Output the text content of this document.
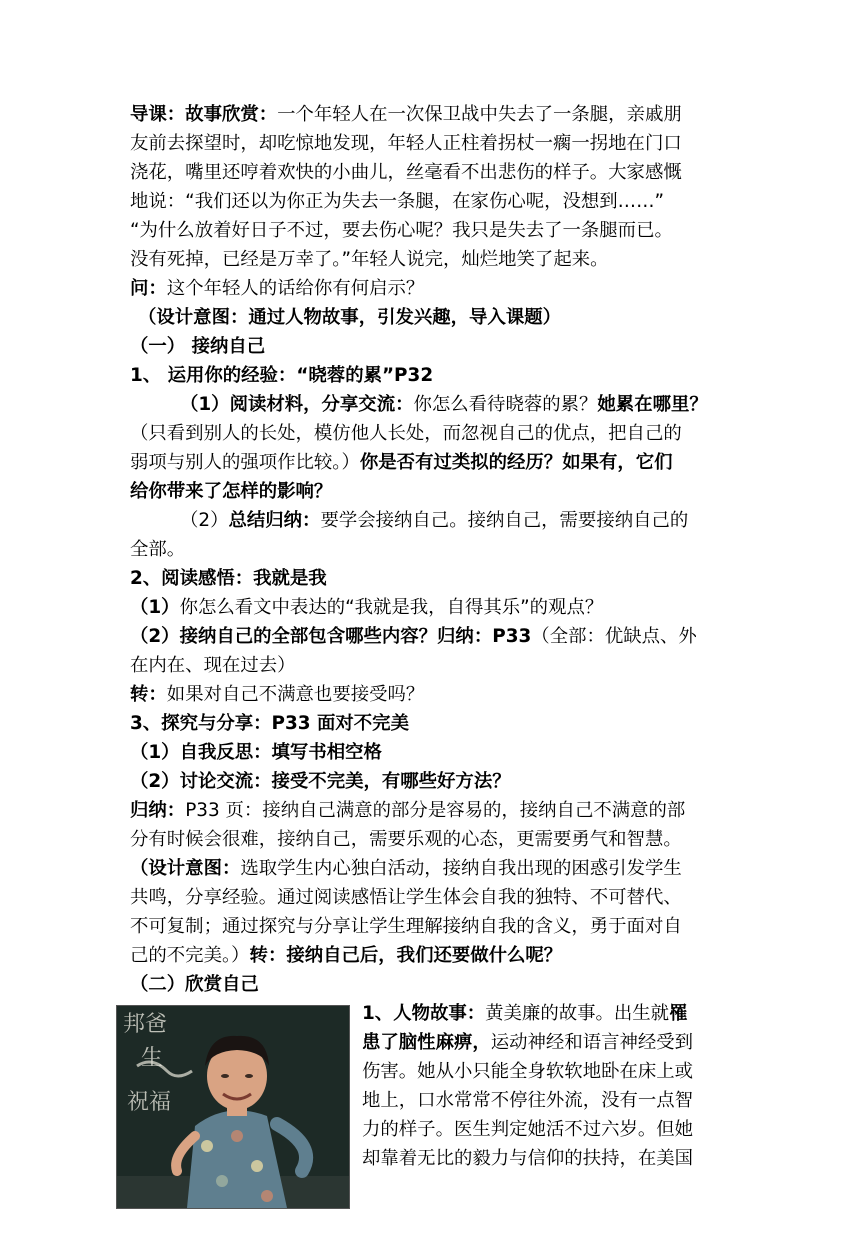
导课：故事欣赏：一个年轻人在一次保卫战中失去了一条腿，亲戚朋
友前去探望时，却吃惊地发现，年轻人正柱着拐杖一瘸一拐地在门口
浇花，嘴里还哼着欢快的小曲儿，丝毫看不出悲伤的样子。大家感慨
地说：“我们还以为你正为失去一条腿，在家伤心呢，没想到……”
“为什么放着好日子不过，要去伤心呢？我只是失去了一条腿而已。
没有死掉，已经是万幸了。”年轻人说完，灿烂地笑了起来。
问：这个年轻人的话给你有何启示？
（设计意图：通过人物故事，引发兴趣，导入课题）
（一） 接纳自己
1、 运用你的经验：“晓蓉的累”P32
（1）阅读材料，分享交流：你怎么看待晓蓉的累？她累在哪里？
（只看到别人的长处，模仿他人长处，而忽视自己的优点，把自己的
弱项与别人的强项作比较。）你是否有过类拟的经历？如果有，它们
给你带来了怎样的影响？
（2）总结归纳：要学会接纳自己。接纳自己，需要接纳自己的
全部。
2、阅读感悟：我就是我
（1）你怎么看文中表达的“我就是我，自得其乐”的观点？
（2）接纳自己的全部包含哪些内容？归纳：P33（全部：优缺点、外
在内在、现在过去）
转：如果对自己不满意也要接受吗？
3、探究与分享：P33 面对不完美
（1）自我反思：填写书相空格
（2）讨论交流：接受不完美，有哪些好方法？
归纳：P33 页：接纳自己满意的部分是容易的，接纳自己不满意的部
分有时候会很难，接纳自己，需要乐观的心态，更需要勇气和智慧。
（设计意图：选取学生内心独白活动，接纳自我出现的困惑引发学生
共鸣，分享经验。通过阅读感悟让学生体会自我的独特、不可替代、
不可复制；通过探究与分享让学生理解接纳自我的含义，勇于面对自
己的不完美。）转：接纳自己后，我们还要做什么呢？
（二）欣赏自己
邦爸
生
祝福
1、人物故事：黄美廉的故事。出生就罹
患了脑性麻痹，运动神经和语言神经受到
伤害。她从小只能全身软软地卧在床上或
地上，口水常常不停往外流，没有一点智
力的样子。医生判定她活不过六岁。但她
却靠着无比的毅力与信仰的扶持，在美国
